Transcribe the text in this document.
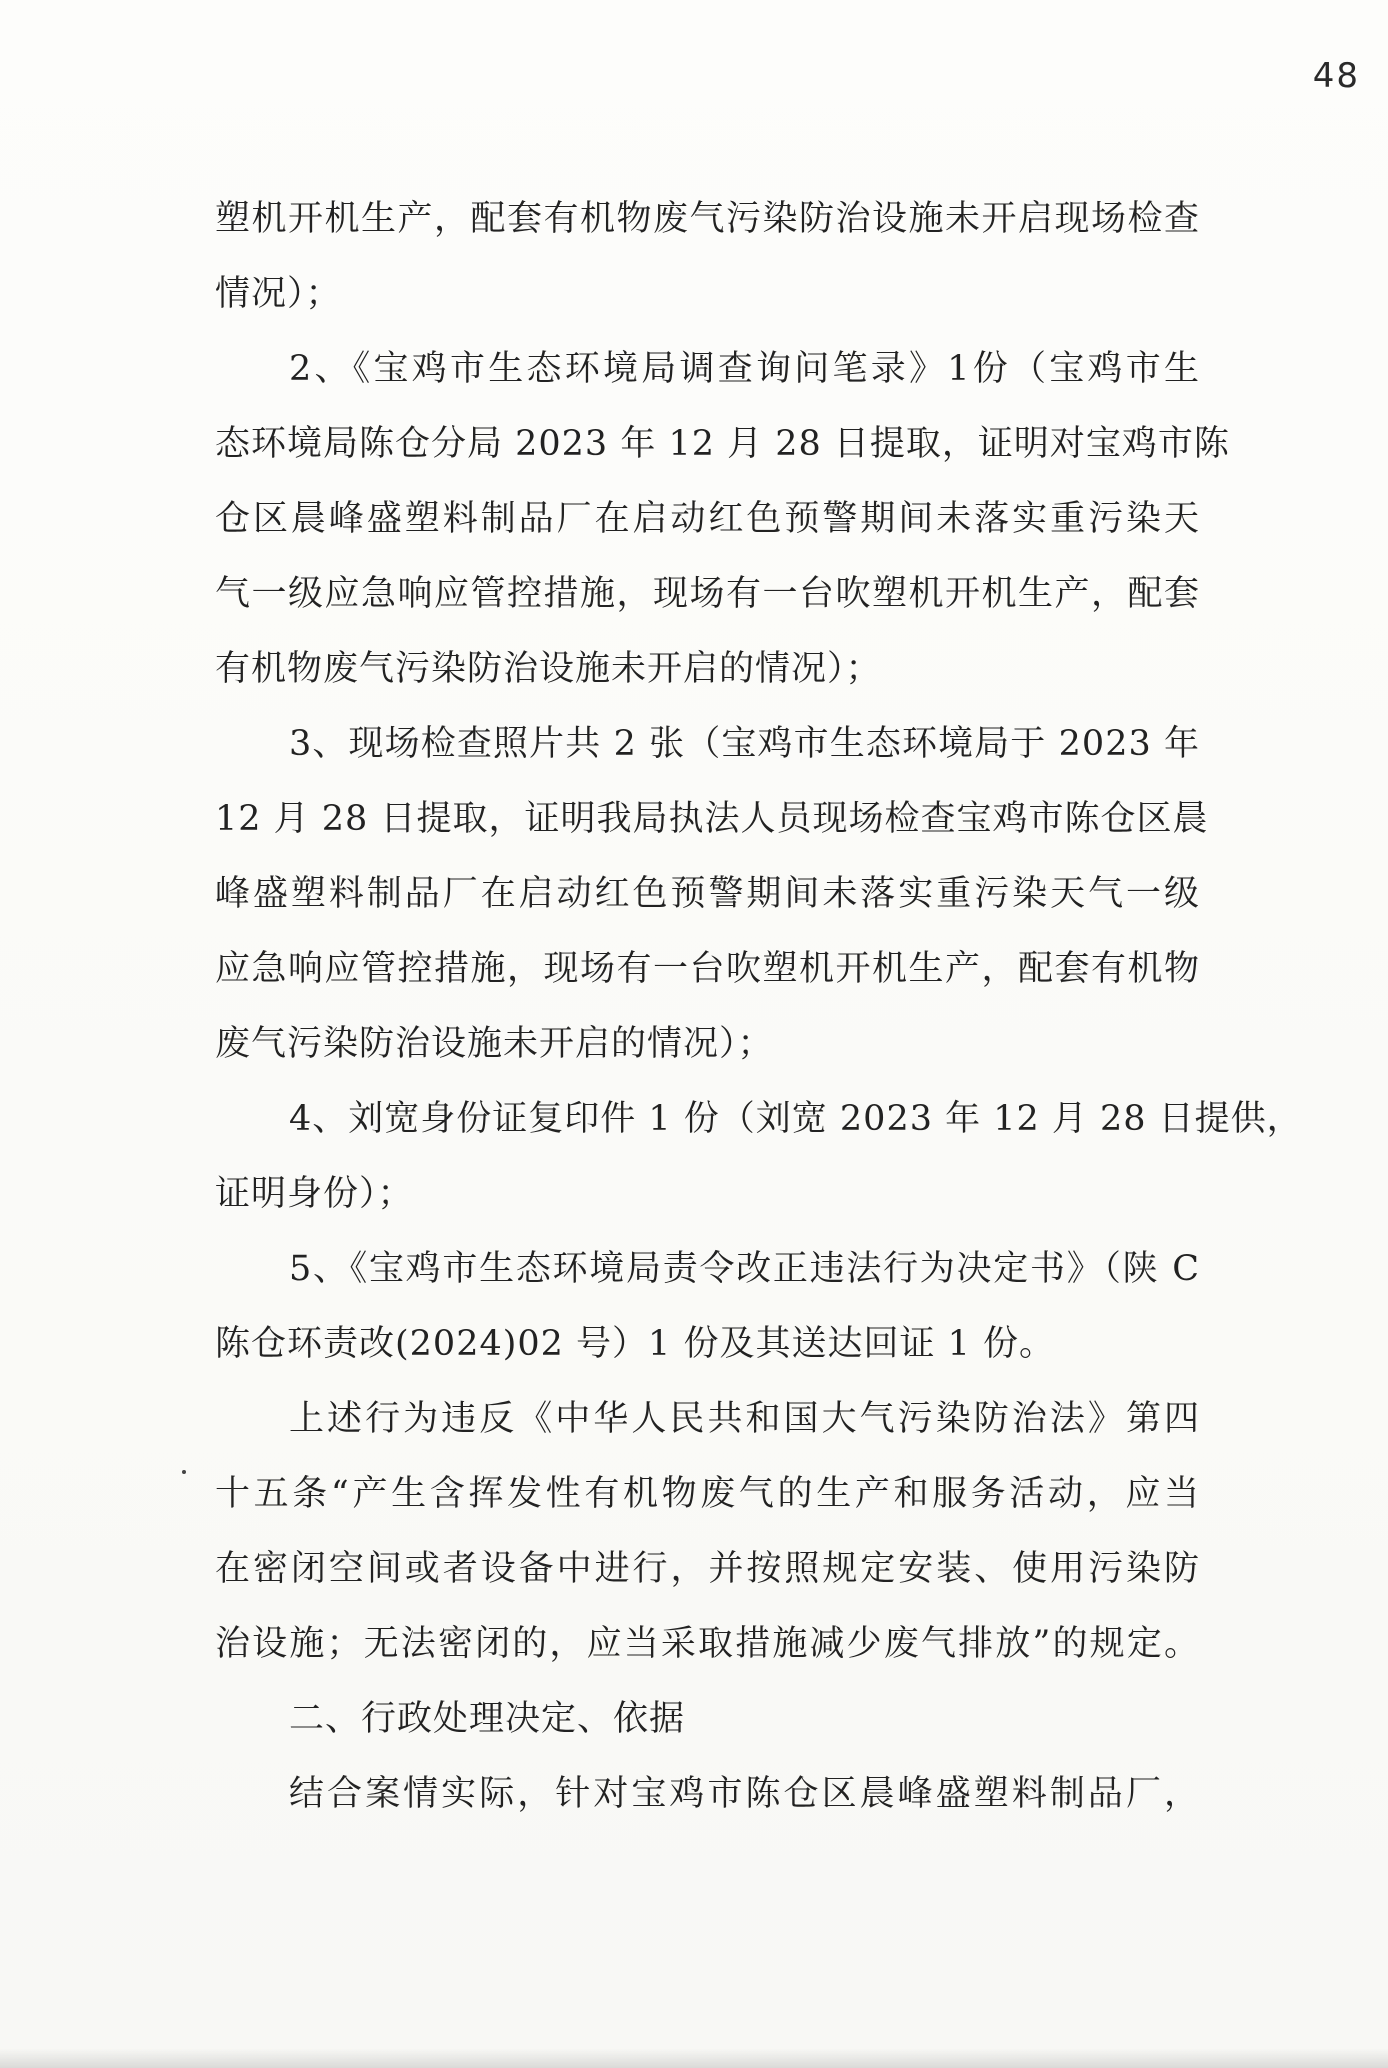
48
塑机开机生产，配套有机物废气污染防治设施未开启现场检查
情况）；
2、《宝鸡市生态环境局调查询问笔录》1份（宝鸡市生
态环境局陈仓分局 2023 年 12 月 28 日提取，证明对宝鸡市陈
仓区晨峰盛塑料制品厂在启动红色预警期间未落实重污染天
气一级应急响应管控措施，现场有一台吹塑机开机生产，配套
有机物废气污染防治设施未开启的情况）；
3、现场检查照片共 2 张（宝鸡市生态环境局于 2023 年
12 月 28 日提取，证明我局执法人员现场检查宝鸡市陈仓区晨
峰盛塑料制品厂在启动红色预警期间未落实重污染天气一级
应急响应管控措施，现场有一台吹塑机开机生产，配套有机物
废气污染防治设施未开启的情况）；
4、刘宽身份证复印件 1 份（刘宽 2023 年 12 月 28 日提供，
证明身份）；
5、《宝鸡市生态环境局责令改正违法行为决定书》（陕 C
陈仓环责改(2024)02 号）1 份及其送达回证 1 份。
上述行为违反《中华人民共和国大气污染防治法》第四
十五条“产生含挥发性有机物废气的生产和服务活动，应当
在密闭空间或者设备中进行，并按照规定安装、使用污染防
治设施；无法密闭的，应当采取措施减少废气排放”的规定。
二、行政处理决定、依据
结合案情实际，针对宝鸡市陈仓区晨峰盛塑料制品厂，
